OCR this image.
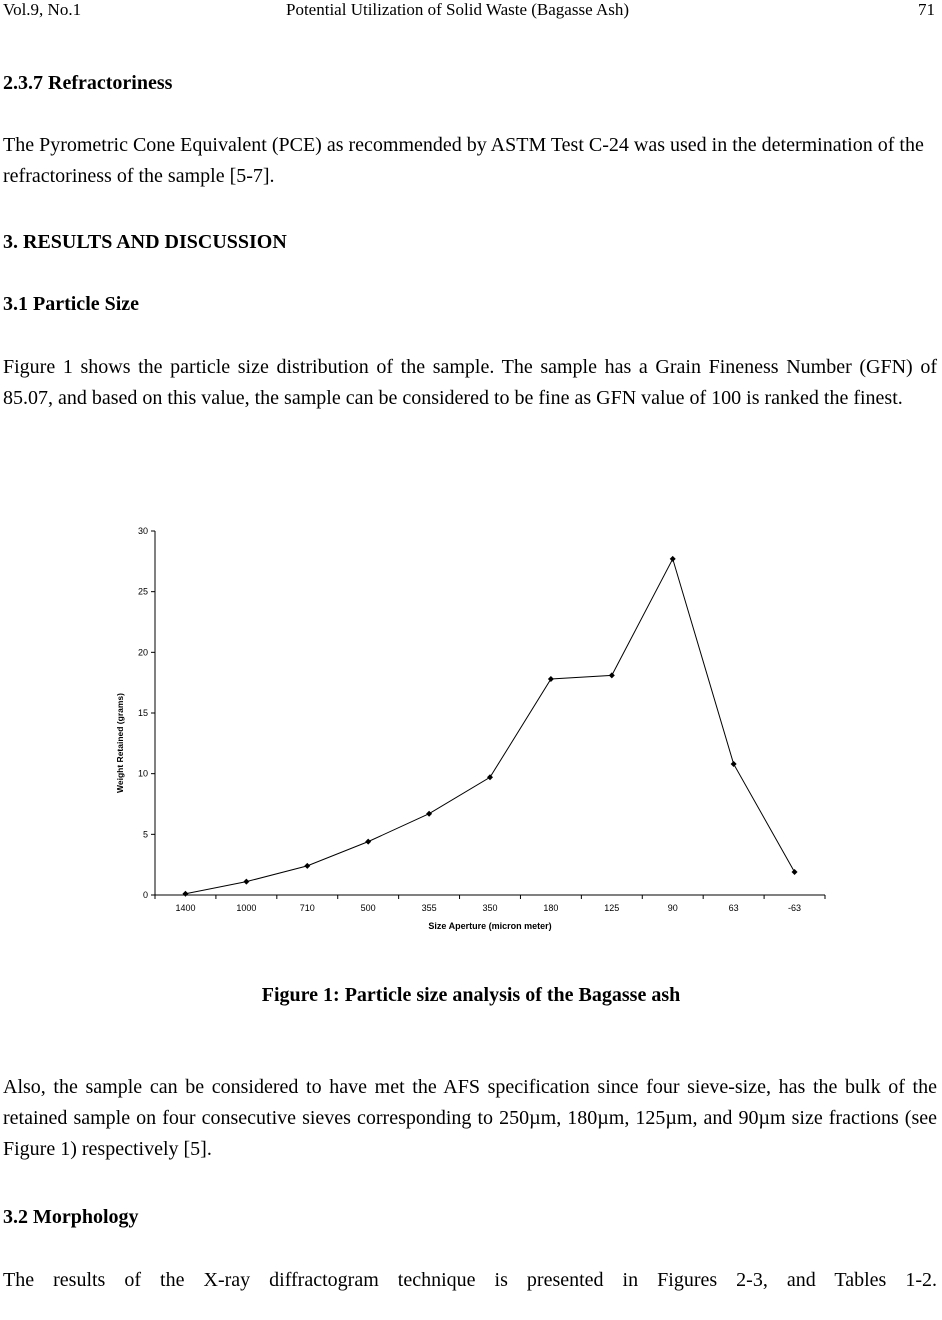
Vol.9, No.1	Potential Utilization of Solid Waste (Bagasse Ash)	71
2.3.7 Refractoriness

The Pyrometric Cone Equivalent (PCE) as recommended by ASTM Test C-24 was used in the determination of the refractoriness of the sample [5-7].

3. RESULTS AND DISCUSSION
3.1 Particle Size

Figure 1 shows the particle size distribution of the sample. The sample has a Grain Fineness Number (GFN) of 85.07, and based on this value, the sample can be considered to be fine as GFN value of 100 is ranked the finest.

0
5
10
15
20
25
30
1400	1000	710	500	355	350	180	125	90	63	-63
Size Aperture (micron meter)
Weight Retained (grams)

Figure 1: Particle size analysis of the Bagasse ash

Also, the sample can be considered to have met the AFS specification since four sieve-size, has the bulk of the retained sample on four consecutive sieves corresponding to 250µm, 180µm, 125µm, and 90µm size fractions (see Figure 1) respectively [5].

3.2 Morphology

The results of the X-ray diffractogram technique is presented in Figures 2-3, and Tables 1-2.
